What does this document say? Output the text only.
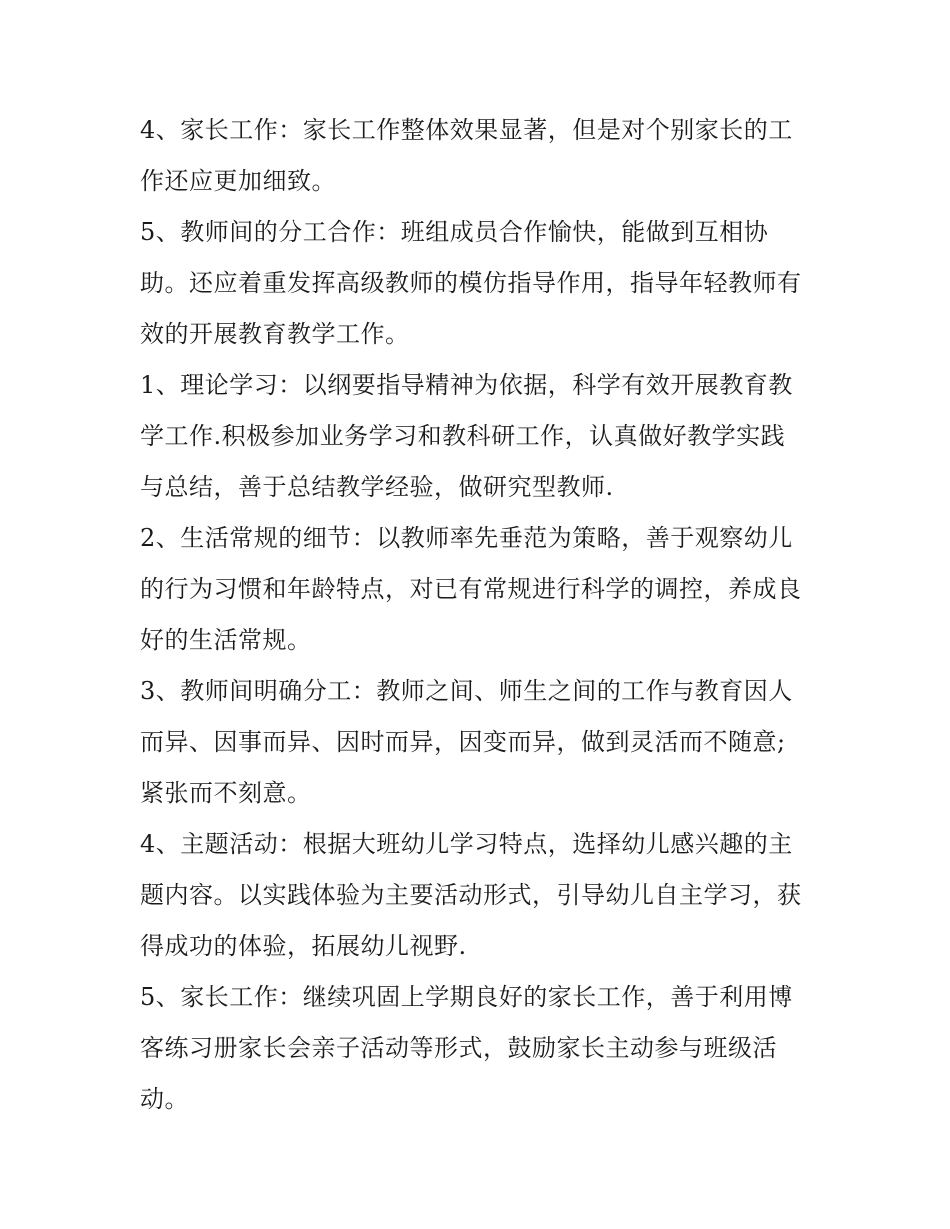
4、家长工作：家长工作整体效果显著，但是对个别家长的工
作还应更加细致。

5、教师间的分工合作：班组成员合作愉快，能做到互相协
助。还应着重发挥高级教师的模仿指导作用，指导年轻教师有
效的开展教育教学工作。

1、理论学习：以纲要指导精神为依据，科学有效开展教育教
学工作.积极参加业务学习和教科研工作，认真做好教学实践
与总结，善于总结教学经验，做研究型教师.

2、生活常规的细节：以教师率先垂范为策略，善于观察幼儿
的行为习惯和年龄特点，对已有常规进行科学的调控，养成良
好的生活常规。

3、教师间明确分工：教师之间、师生之间的工作与教育因人
而异、因事而异、因时而异，因变而异，做到灵活而不随意;
紧张而不刻意。

4、主题活动：根据大班幼儿学习特点，选择幼儿感兴趣的主
题内容。以实践体验为主要活动形式，引导幼儿自主学习，获
得成功的体验，拓展幼儿视野.

5、家长工作：继续巩固上学期良好的家长工作，善于利用博
客练习册家长会亲子活动等形式，鼓励家长主动参与班级活
动。
